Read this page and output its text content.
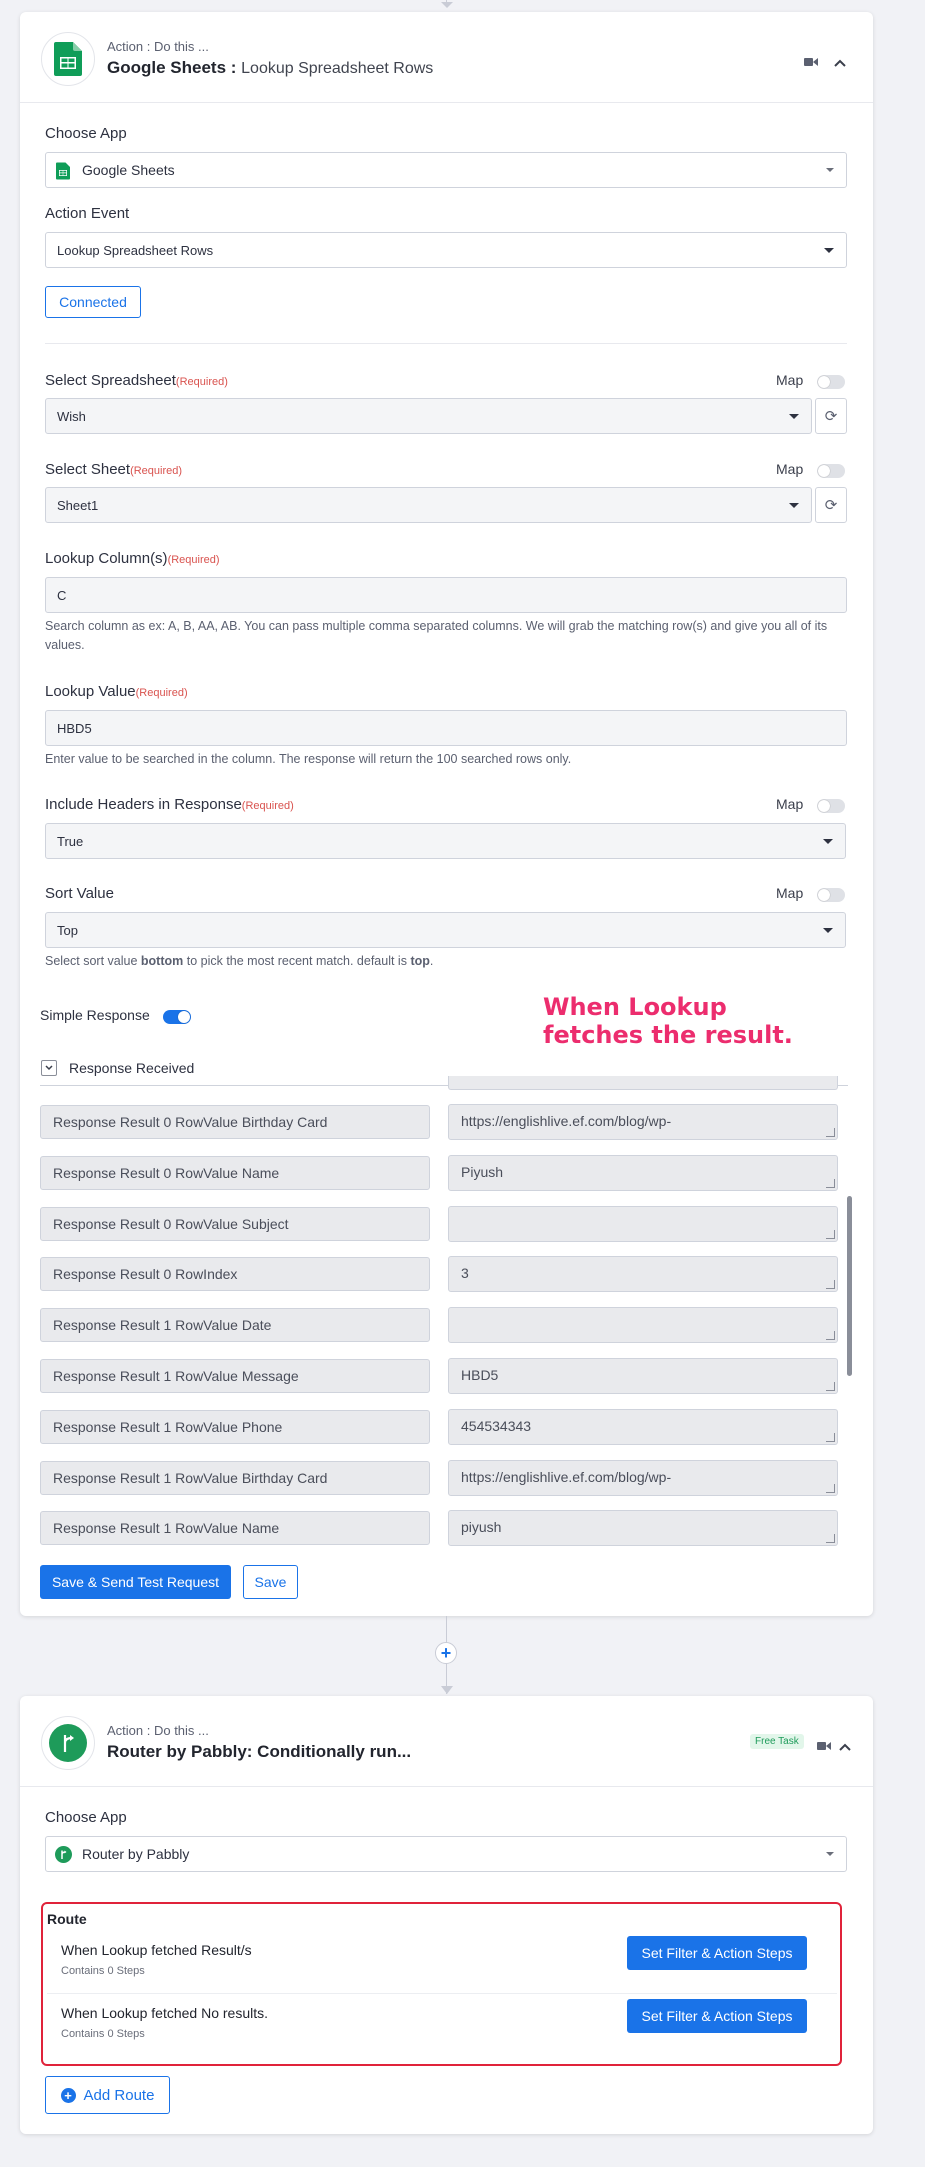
Action : Do this ...
Google Sheets : Lookup Spreadsheet Rows
Choose App
Google Sheets
Action Event
Lookup Spreadsheet Rows
Connected
Select Spreadsheet(Required)	Map
Wish	⟳
Select Sheet(Required)	Map
Sheet1	⟳
Lookup Column(s)(Required)
C
Search column as ex: A, B, AA, AB. You can pass multiple comma separated columns. We will grab the matching row(s) and give you all of its values.
Lookup Value(Required)
HBD5
Enter value to be searched in the column. The response will return the 100 searched rows only.
Include Headers in Response(Required)	Map
True
Sort Value	Map
Top
Select sort value bottom to pick the most recent match. default is top.
Simple Response
Response Received
Response Result 0 RowValue Birthday Card	https://englishlive.ef.com/blog/wp-
Response Result 0 RowValue Name	Piyush
Response Result 0 RowValue Subject
Response Result 0 RowIndex	3
Response Result 1 RowValue Date
Response Result 1 RowValue Message	HBD5
Response Result 1 RowValue Phone	454534343
Response Result 1 RowValue Birthday Card	https://englishlive.ef.com/blog/wp-
Response Result 1 RowValue Name	piyush
Save & Send Test Request	Save
When Lookup
fetches the result.
+
Action : Do this ...
Router by Pabbly: Conditionally run...
Free Task
Choose App
Router by Pabbly
+ Add Route
Route
When Lookup fetched Result/s
Contains 0 Steps
Set Filter & Action Steps
When Lookup fetched No results.
Contains 0 Steps
Set Filter & Action Steps
